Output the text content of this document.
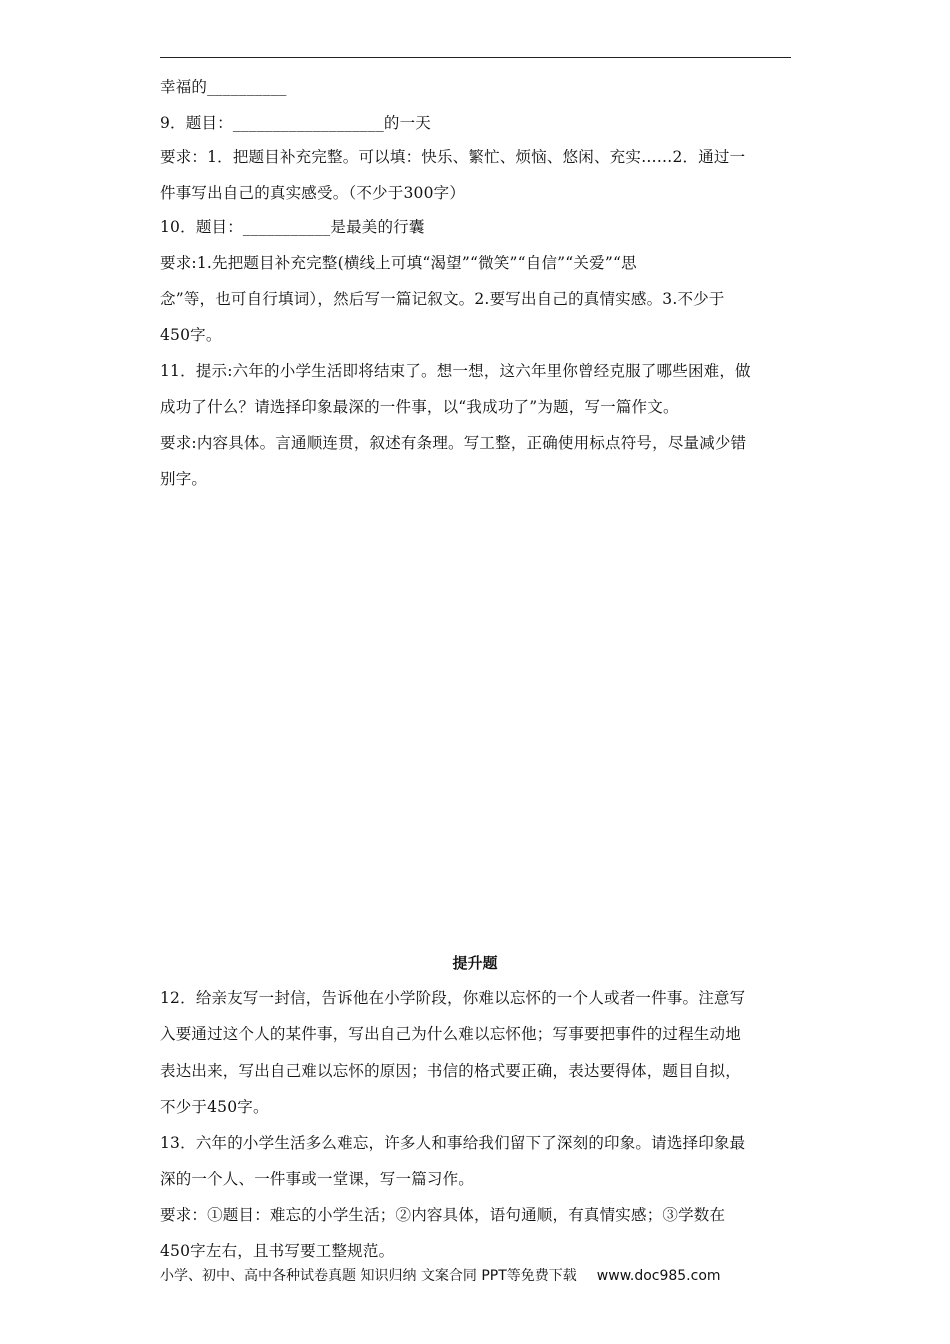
幸福的__________
9．题目：___________________的一天
要求：1．把题目补充完整。可以填：快乐、繁忙、烦恼、悠闲、充实……2．通过一
件事写出自己的真实感受。（不少于300字）
10．题目：___________是最美的行囊
要求:1.先把题目补充完整(横线上可填“渴望”“微笑”“自信”“关爱”“思
念”等，也可自行填词），然后写一篇记叙文。2.要写出自己的真情实感。3.不少于
450字。
11．提示:六年的小学生活即将结束了。想一想，这六年里你曾经克服了哪些困难，做
成功了什么？请选择印象最深的一件事，以“我成功了”为题，写一篇作文。
要求:内容具体。言通顺连贯，叙述有条理。写工整，正确使用标点符号，尽量减少错
别字。
提升题
12．给亲友写一封信，告诉他在小学阶段，你难以忘怀的一个人或者一件事。注意写
入要通过这个人的某件事，写出自己为什么难以忘怀他；写事要把事件的过程生动地
表达出来，写出自己难以忘怀的原因；书信的格式要正确，表达要得体，题目自拟，
不少于450字。
13．六年的小学生活多么难忘，许多人和事给我们留下了深刻的印象。请选择印象最
深的一个人、一件事或一堂课，写一篇习作。
要求：①题目：难忘的小学生活；②内容具体，语句通顺，有真情实感；③学数在
450字左右，且书写要工整规范。
小学、初中、高中各种试卷真题 知识归纳 文案合同 PPT等免费下载 www.doc985.com
